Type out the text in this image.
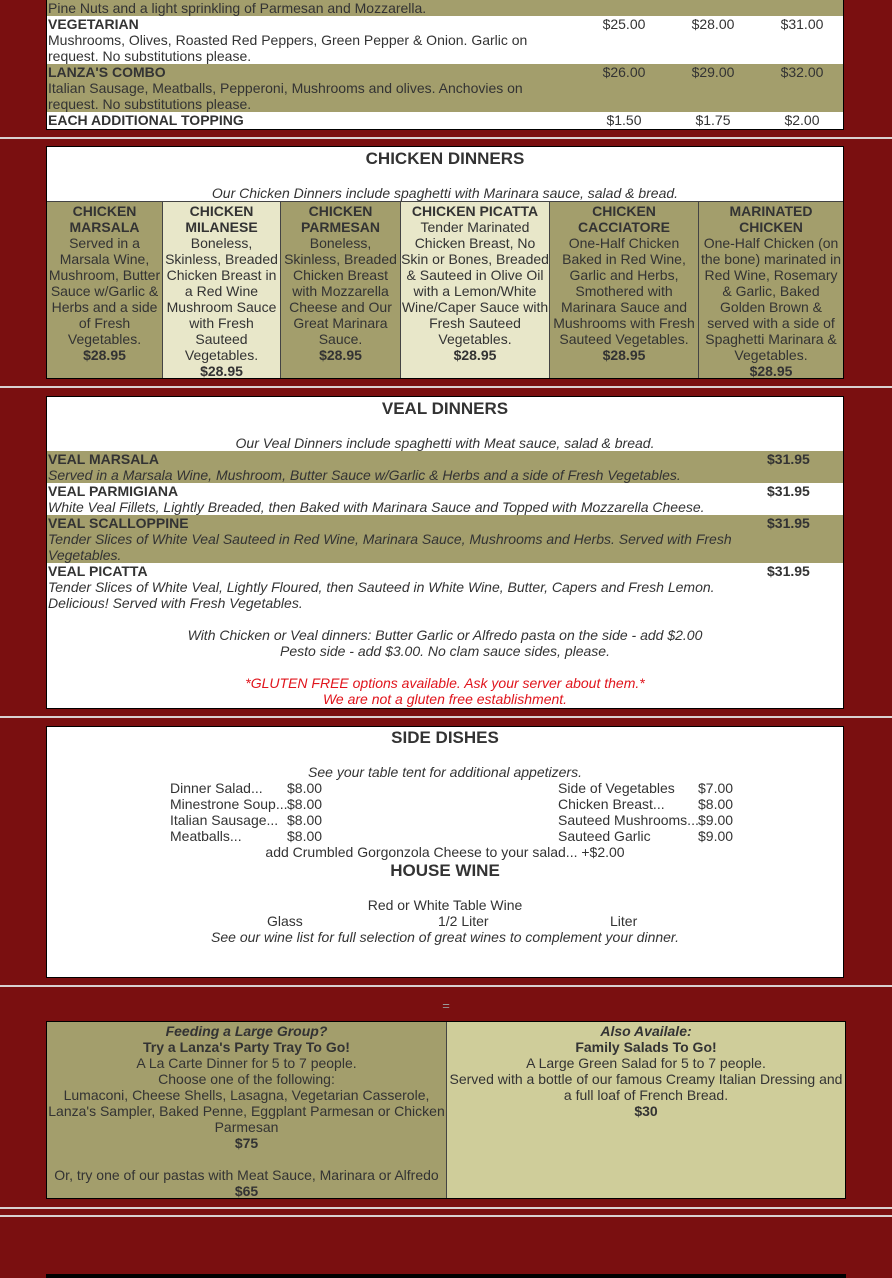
Pine Nuts and a light sprinkling of Parmesan and Mozzarella.
VEGETARIAN
Mushrooms, Olives, Roasted Red Peppers, Green Pepper & Onion. Garlic on request. No substitutions please.
$25.00	$28.00	$31.00
LANZA'S COMBO
Italian Sausage, Meatballs, Pepperoni, Mushrooms and olives. Anchovies on request. No substitutions please.
$26.00	$29.00	$32.00
EACH ADDITIONAL TOPPING	$1.50	$1.75	$2.00
CHICKEN DINNERS
Our Chicken Dinners include spaghetti with Marinara sauce, salad & bread.
CHICKEN MARSALA
Served in a Marsala Wine, Mushroom, Butter Sauce w/Garlic & Herbs and a side of Fresh Vegetables.
$28.95
CHICKEN MILANESE
Boneless, Skinless, Breaded Chicken Breast in a Red Wine Mushroom Sauce with Fresh Sauteed Vegetables.
$28.95
CHICKEN PARMESAN
Boneless, Skinless, Breaded Chicken Breast with Mozzarella Cheese and Our Great Marinara Sauce.
$28.95
CHICKEN PICATTA
Tender Marinated Chicken Breast, No Skin or Bones, Breaded & Sauteed in Olive Oil with a Lemon/White Wine/Caper Sauce with Fresh Sauteed Vegetables.
$28.95
CHICKEN CACCIATORE
One-Half Chicken Baked in Red Wine, Garlic and Herbs, Smothered with Marinara Sauce and Mushrooms with Fresh Sauteed Vegetables.
$28.95
MARINATED CHICKEN
One-Half Chicken (on the bone) marinated in Red Wine, Rosemary & Garlic, Baked Golden Brown & served with a side of Spaghetti Marinara & Vegetables.
$28.95
VEAL DINNERS
Our Veal Dinners include spaghetti with Meat sauce, salad & bread.
VEAL MARSALA
Served in a Marsala Wine, Mushroom, Butter Sauce w/Garlic & Herbs and a side of Fresh Vegetables.
$31.95
VEAL PARMIGIANA
White Veal Fillets, Lightly Breaded, then Baked with Marinara Sauce and Topped with Mozzarella Cheese.
$31.95
VEAL SCALLOPPINE
Tender Slices of White Veal Sauteed in Red Wine, Marinara Sauce, Mushrooms and Herbs. Served with Fresh Vegetables.
$31.95
VEAL PICATTA
Tender Slices of White Veal, Lightly Floured, then Sauteed in White Wine, Butter, Capers and Fresh Lemon. Delicious! Served with Fresh Vegetables.
$31.95
With Chicken or Veal dinners: Butter Garlic or Alfredo pasta on the side - add $2.00
Pesto side - add $3.00. No clam sauce sides, please.
*GLUTEN FREE options available. Ask your server about them.*
We are not a gluten free establishment.
SIDE DISHES
See your table tent for additional appetizers.
Dinner Salad... $8.00
Minestrone Soup... $8.00
Italian Sausage... $8.00
Meatballs...	$8.00
Side of Vegetables $7.00
Chicken Breast... $8.00
Sauteed Mushrooms... $9.00
Sauteed Garlic	$9.00
add Crumbled Gorgonzola Cheese to your salad... +$2.00
HOUSE WINE
Red or White Table Wine
Glass	1/2 Liter	Liter
See our wine list for full selection of great wines to complement your dinner.
=
Feeding a Large Group?
Try a Lanza's Party Tray To Go!
A La Carte Dinner for 5 to 7 people.
Choose one of the following:
Lumaconi, Cheese Shells, Lasagna, Vegetarian Casserole, Lanza's Sampler, Baked Penne, Eggplant Parmesan or Chicken Parmesan
$75
Or, try one of our pastas with Meat Sauce, Marinara or Alfredo
$65
Also Availale:
Family Salads To Go!
A Large Green Salad for 5 to 7 people.
Served with a bottle of our famous Creamy Italian Dressing and a full loaf of French Bread.
$30
